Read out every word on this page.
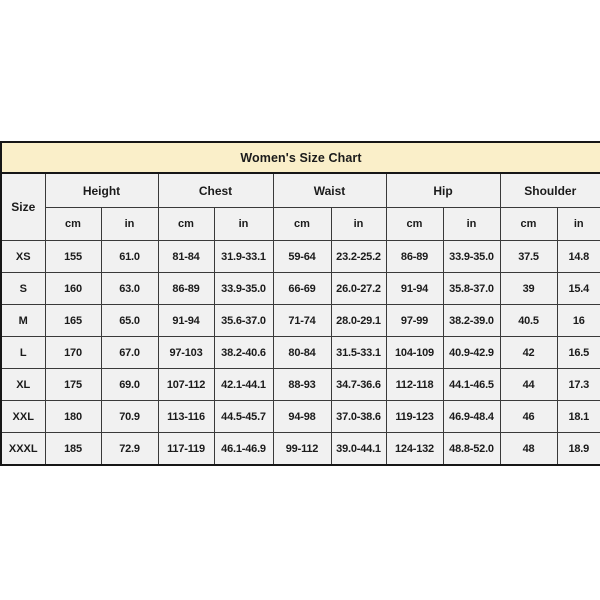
Women's Size Chart										
Size	Height		Chest		Waist		Hip		Shoulder	
	cm	in	cm	in	cm	in	cm	in	cm	in
XS	155	61.0	81-84	31.9-33.1	59-64	23.2-25.2	86-89	33.9-35.0	37.5	14.8
S	160	63.0	86-89	33.9-35.0	66-69	26.0-27.2	91-94	35.8-37.0	39	15.4
M	165	65.0	91-94	35.6-37.0	71-74	28.0-29.1	97-99	38.2-39.0	40.5	16
L	170	67.0	97-103	38.2-40.6	80-84	31.5-33.1	104-109	40.9-42.9	42	16.5
XL	175	69.0	107-112	42.1-44.1	88-93	34.7-36.6	112-118	44.1-46.5	44	17.3
XXL	180	70.9	113-116	44.5-45.7	94-98	37.0-38.6	119-123	46.9-48.4	46	18.1
XXXL	185	72.9	117-119	46.1-46.9	99-112	39.0-44.1	124-132	48.8-52.0	48	18.9
